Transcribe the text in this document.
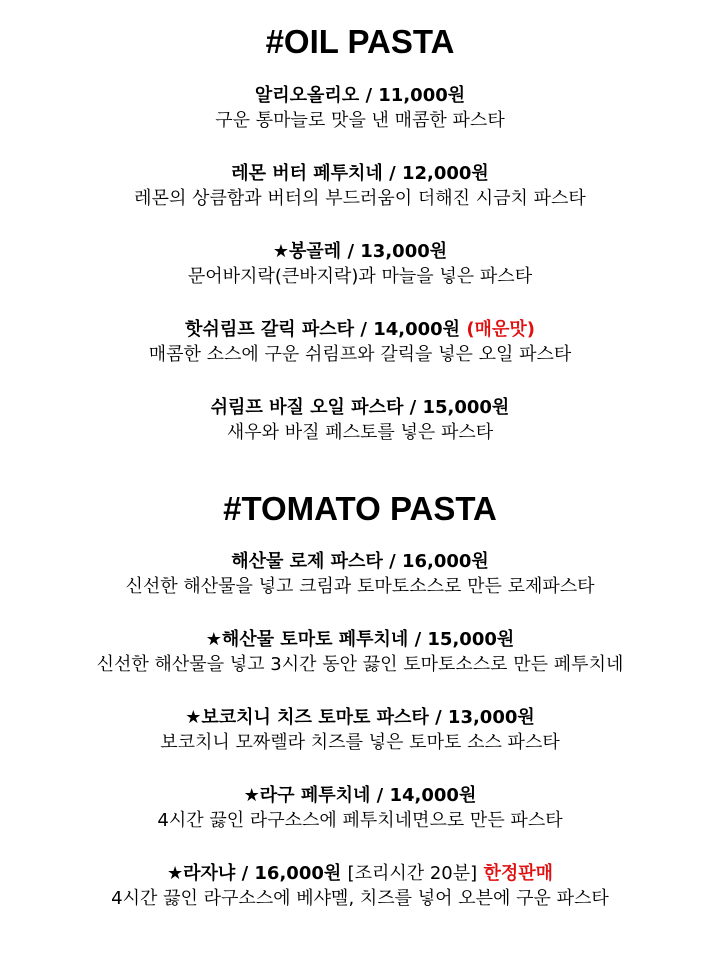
#OIL PASTA
알리오올리오 / 11,000원
구운 통마늘로 맛을 낸 매콤한 파스타
레몬 버터 페투치네 / 12,000원
레몬의 상큼함과 버터의 부드러움이 더해진 시금치 파스타
★봉골레 / 13,000원
문어바지락(큰바지락)과 마늘을 넣은 파스타
핫쉬림프 갈릭 파스타 / 14,000원 (매운맛)
매콤한 소스에 구운 쉬림프와 갈릭을 넣은 오일 파스타
쉬림프 바질 오일 파스타 / 15,000원
새우와 바질 페스토를 넣은 파스타
#TOMATO PASTA
해산물 로제 파스타 / 16,000원
신선한 해산물을 넣고 크림과 토마토소스로 만든 로제파스타
★해산물 토마토 페투치네 / 15,000원
신선한 해산물을 넣고 3시간 동안 끓인 토마토소스로 만든 페투치네
★보코치니 치즈 토마토 파스타 / 13,000원
보코치니 모짜렐라 치즈를 넣은 토마토 소스 파스타
★라구 페투치네 / 14,000원
4시간 끓인 라구소스에 페투치네면으로 만든 파스타
★라자냐 / 16,000원 [조리시간 20분] 한정판매
4시간 끓인 라구소스에 베샤멜, 치즈를 넣어 오븐에 구운 파스타
